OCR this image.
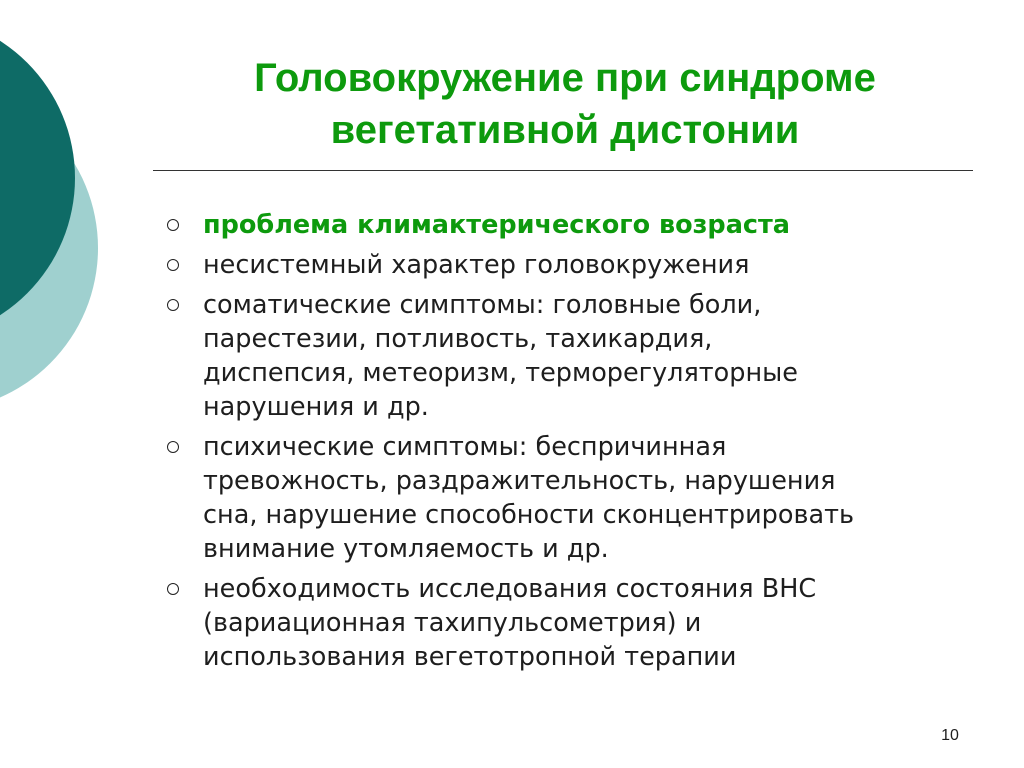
Головокружение при синдроме
вегетативной дистонии
проблема климактерического возраста
несистемный характер головокружения
соматические симптомы: головные боли,
парестезии, потливость, тахикардия,
диспепсия, метеоризм, терморегуляторные
нарушения и др.
психические симптомы: беспричинная
тревожность, раздражительность, нарушения
сна, нарушение способности сконцентрировать
внимание утомляемость и др.
необходимость исследования состояния ВНС
(вариационная тахипульсометрия) и
использования вегетотропной терапии
10
